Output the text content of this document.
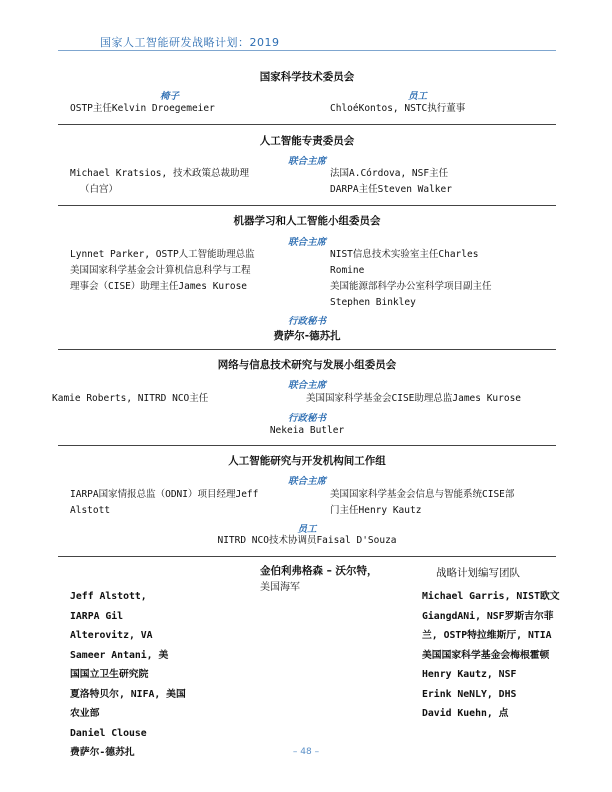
国家人工智能研发战略计划：2019
国家科学技术委员会
椅子	员工
OSTP主任Kelvin Droegemeier	ChloéKontos, NSTC执行董事
人工智能专责委员会
联合主席
Michael Kratsios, 技术政策总裁助理
（白宫）
法国A.Córdova, NSF主任
DARPA主任Steven Walker
机器学习和人工智能小组委员会
联合主席
Lynnet Parker, OSTP人工智能助理总监
美国国家科学基金会计算机信息科学与工程
理事会（CISE）助理主任James Kurose
NIST信息技术实验室主任Charles
Romine
美国能源部科学办公室科学项目副主任
Stephen Binkley
行政秘书
费萨尔-德苏扎
网络与信息技术研究与发展小组委员会
联合主席
Kamie Roberts, NITRD NCO主任	美国国家科学基金会CISE助理总监James Kurose
行政秘书
Nekeia Butler
人工智能研究与开发机构间工作组
联合主席
IARPA国家情报总监（ODNI）项目经理Jeff
Alstott
美国国家科学基金会信息与智能系统CISE部
门主任Henry Kautz
员工
NITRD NCO技术协调员Faisal D'Souza
金伯利弗格森 – 沃尔特，
美国海军
战略计划编写团队
Jeff Alstott,
IARPA Gil
Alterovitz, VA
Sameer Antani, 美
国国立卫生研究院
夏洛特贝尔, NIFA, 美国
农业部
Daniel Clouse
费萨尔-德苏扎
Michael Garris, NIST欧文
GiangdANi, NSF罗斯吉尔菲
兰, OSTP特拉维斯厅, NTIA
美国国家科学基金会梅根霍顿
Henry Kautz, NSF
Erink NeNLY, DHS
David Kuehn, 点
– 48 –
